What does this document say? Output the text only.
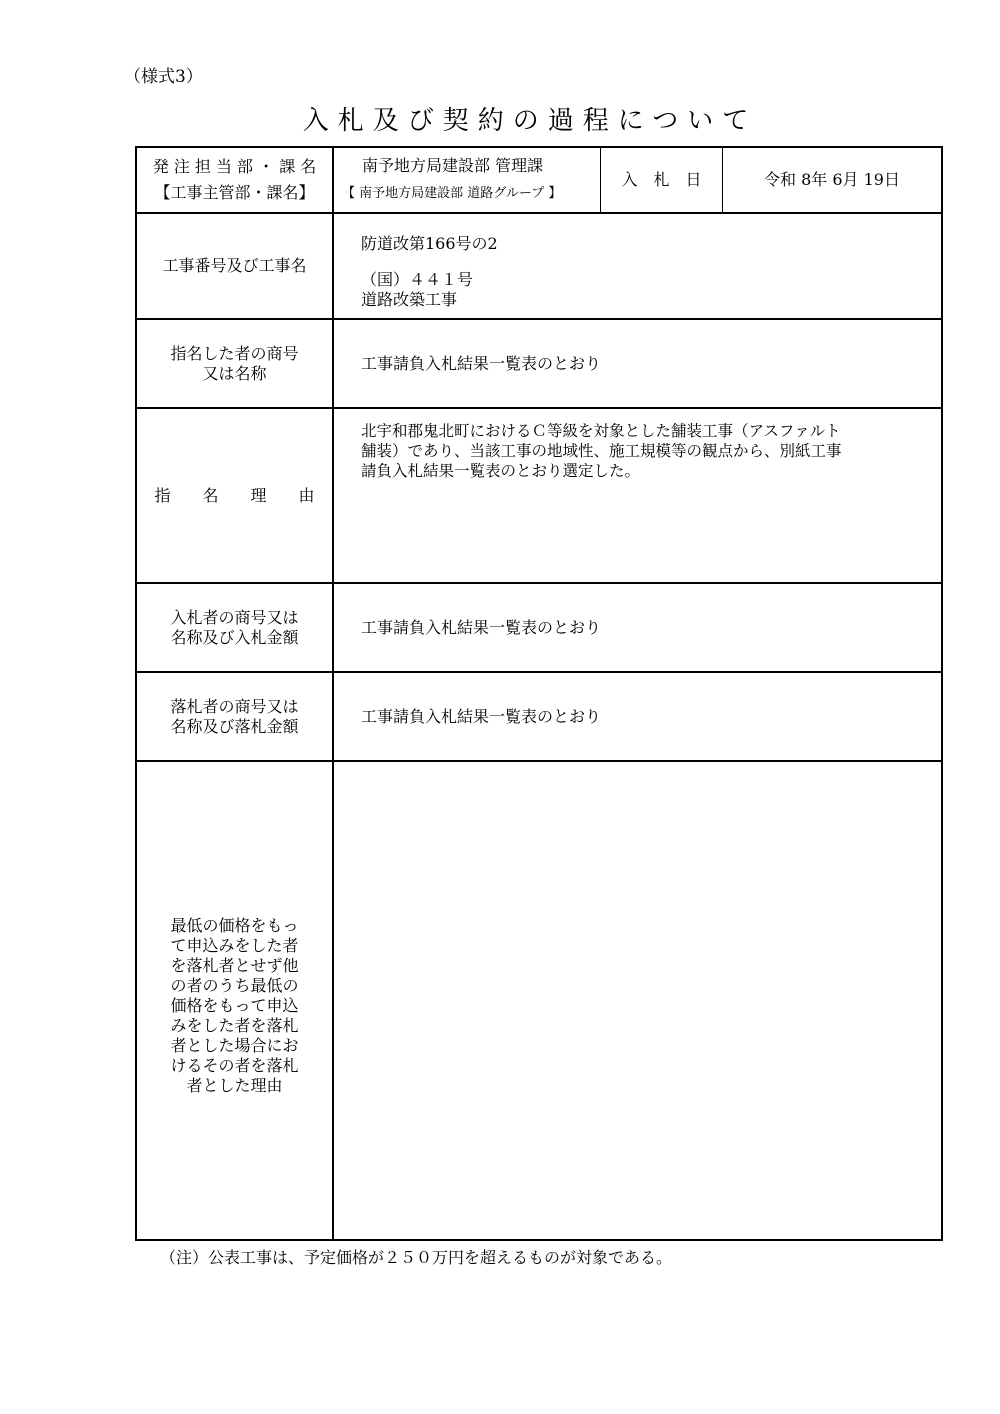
（様式3）
入札及び契約の過程について
発 注 担 当 部 ・ 課 名
【工事主管部・課名】
南予地方局建設部 管理課
【 南予地方局建設部 道路グループ 】
入　札　日	令和 8年 6月 19日
工事番号及び工事名
防道改第166号の2
（国）４４１号
道路改築工事
指名した者の商号
又は名称
工事請負入札結果一覧表のとおり
指　　名　　理　　由
北宇和郡鬼北町におけるＣ等級を対象とした舗装工事（アスファルト
舗装）であり、当該工事の地域性、施工規模等の観点から、別紙工事
請負入札結果一覧表のとおり選定した。
入札者の商号又は
名称及び入札金額
工事請負入札結果一覧表のとおり
落札者の商号又は
名称及び落札金額
工事請負入札結果一覧表のとおり
最低の価格をもっ
て申込みをした者
を落札者とせず他
の者のうち最低の
価格をもって申込
みをした者を落札
者とした場合にお
けるその者を落札
者とした理由
（注）公表工事は、予定価格が２５０万円を超えるものが対象である。
